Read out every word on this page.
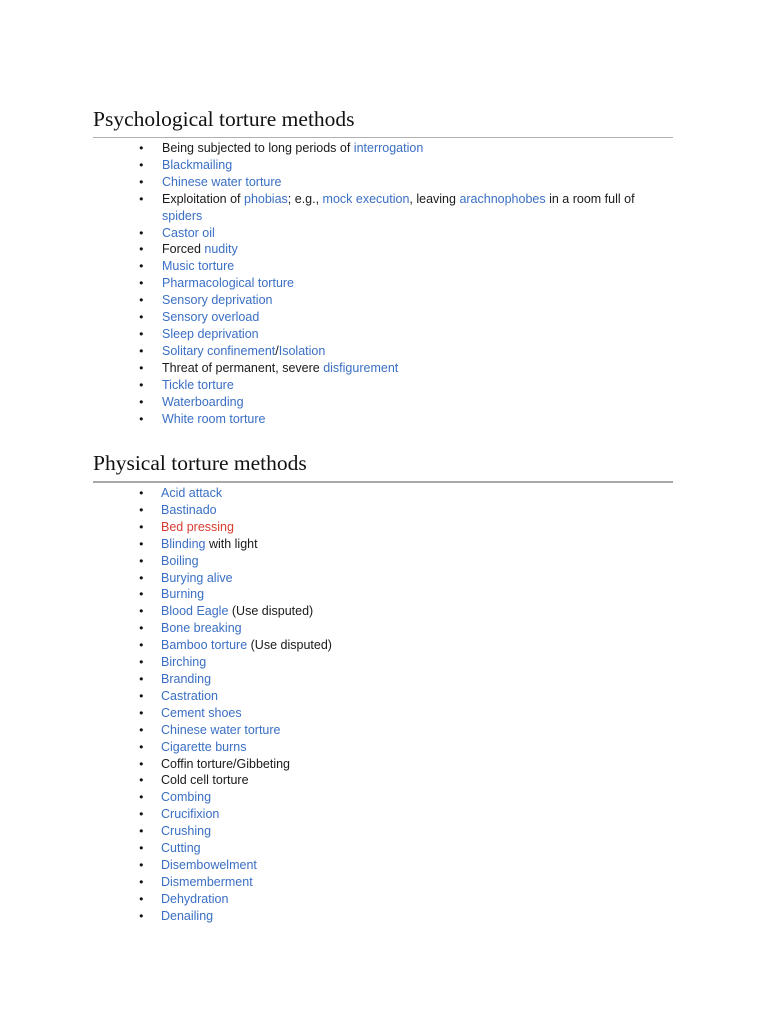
Psychological torture methods
● Being subjected to long periods of interrogation
● Blackmailing
● Chinese water torture
● Exploitation of phobias; e.g., mock execution, leaving arachnophobes in a room full of spiders
● Castor oil
● Forced nudity
● Music torture
● Pharmacological torture
● Sensory deprivation
● Sensory overload
● Sleep deprivation
● Solitary confinement/Isolation
● Threat of permanent, severe disfigurement
● Tickle torture
● Waterboarding
● White room torture
Physical torture methods
● Acid attack
● Bastinado
● Bed pressing
● Blinding with light
● Boiling
● Burying alive
● Burning
● Blood Eagle (Use disputed)
● Bone breaking
● Bamboo torture (Use disputed)
● Birching
● Branding
● Castration
● Cement shoes
● Chinese water torture
● Cigarette burns
● Coffin torture/Gibbeting
● Cold cell torture
● Combing
● Crucifixion
● Crushing
● Cutting
● Disembowelment
● Dismemberment
● Dehydration
● Denailing
